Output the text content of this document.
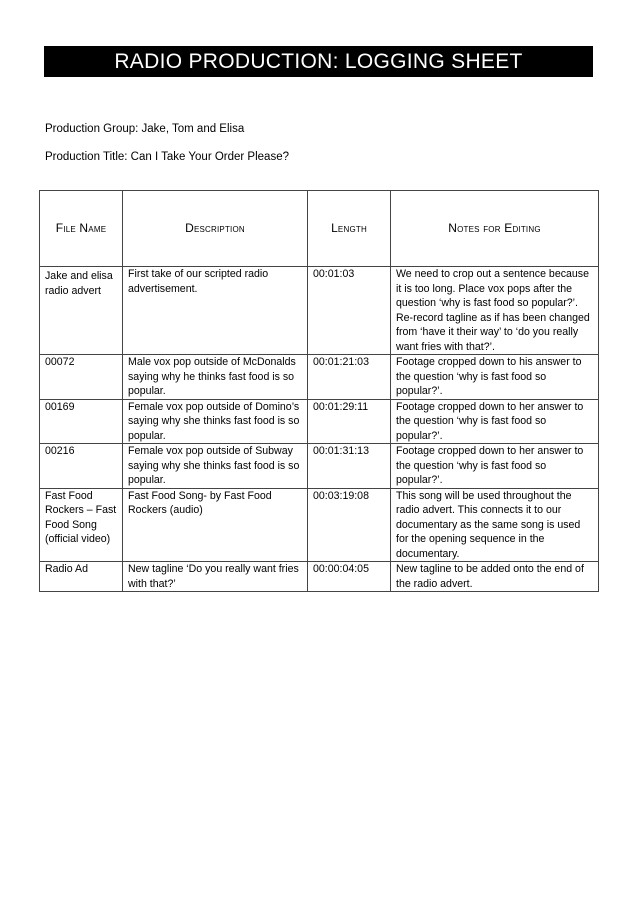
RADIO PRODUCTION: LOGGING SHEET
Production Group: Jake, Tom and Elisa
Production Title: Can I Take Your Order Please?
File Name	Description	Length	Notes for Editing
Jake and elisa radio advert	First take of our scripted radio advertisement.	00:01:03	We need to crop out a sentence because it is too long. Place vox pops after the question ‘why is fast food so popular?’. Re-record tagline as if has been changed from ‘have it their way’ to ‘do you really want fries with that?’.
00072	Male vox pop outside of McDonalds saying why he thinks fast food is so popular.	00:01:21:03	Footage cropped down to his answer to the question ‘why is fast food so popular?’.
00169	Female vox pop outside of Domino’s saying why she thinks fast food is so popular.	00:01:29:11	Footage cropped down to her answer to the question ‘why is fast food so popular?’.
00216	Female vox pop outside of Subway saying why she thinks fast food is so popular.	00:01:31:13	Footage cropped down to her answer to the question ‘why is fast food so popular?’.
Fast Food Rockers – Fast Food Song (official video)	Fast Food Song- by Fast Food Rockers (audio)	00:03:19:08	This song will be used throughout the radio advert. This connects it to our documentary as the same song is used for the opening sequence in the documentary.
Radio Ad	New tagline ‘Do you really want fries with that?’	00:00:04:05	New tagline to be added onto the end of the radio advert.
